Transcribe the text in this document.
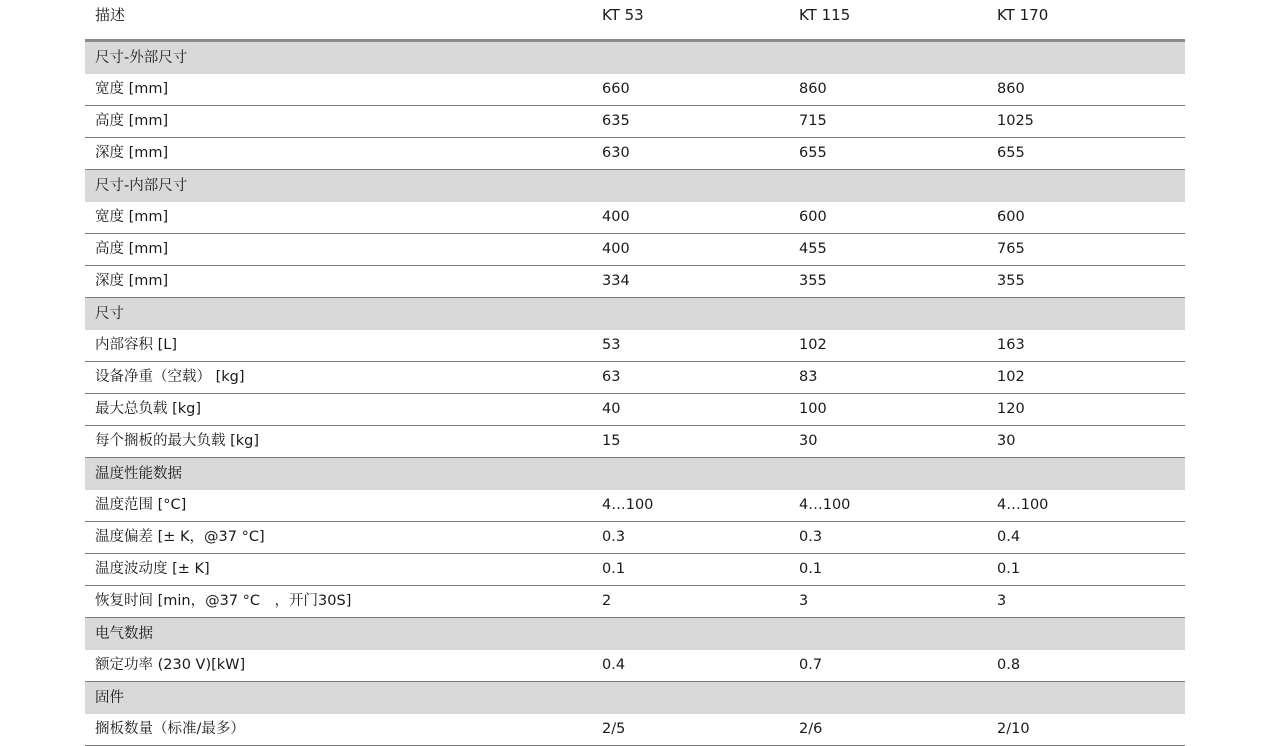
描述	KT 53	KT 115	KT 170
尺寸-外部尺寸
宽度 [mm]	660	860	860
高度 [mm]	635	715	1025
深度 [mm]	630	655	655
尺寸-内部尺寸
宽度 [mm]	400	600	600
高度 [mm]	400	455	765
深度 [mm]	334	355	355
尺寸
内部容积 [L]	53	102	163
设备净重（空载） [kg]	63	83	102
最大总负载 [kg]	40	100	120
每个搁板的最大负载 [kg]	15	30	30
温度性能数据
温度范围 [°C]	4…100	4…100	4…100
温度偏差 [± K，@37 °C]	0.3	0.3	0.4
温度波动度 [± K]	0.1	0.1	0.1
恢复时间 [min，@37 °C　，开门30S]	2	3	3
电气数据
额定功率 (230 V)[kW]	0.4	0.7	0.8
固件
搁板数量（标准/最多）	2/5	2/6	2/10
